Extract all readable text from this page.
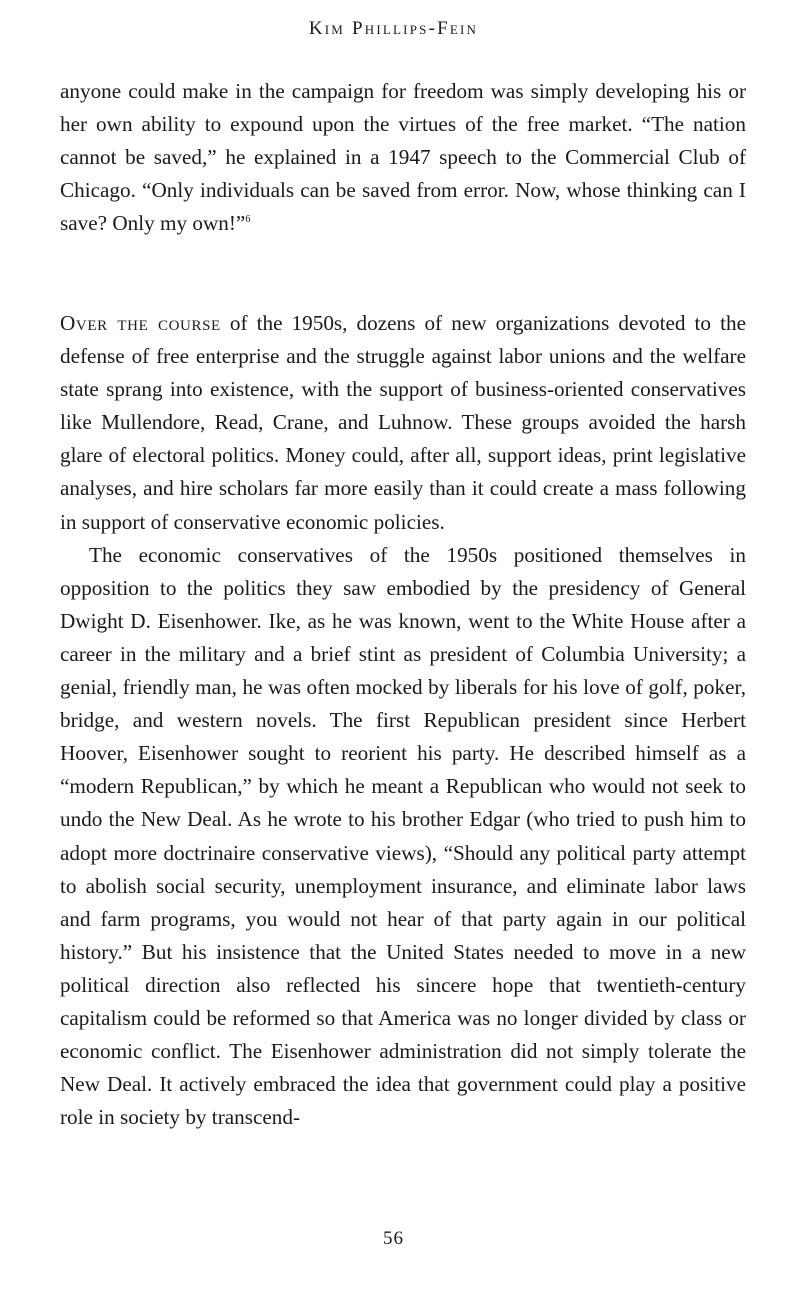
Kim Phillips-Fein

anyone could make in the campaign for freedom was simply developing his or her own ability to expound upon the virtues of the free market. “The nation cannot be saved,” he explained in a 1947 speech to the Commercial Club of Chicago. “Only individuals can be saved from error. Now, whose thinking can I save? Only my own!”$^6$

Over the course of the 1950s, dozens of new organizations devoted to the defense of free enterprise and the struggle against labor unions and the welfare state sprang into existence, with the support of business-oriented conservatives like Mullendore, Read, Crane, and Luhnow. These groups avoided the harsh glare of electoral politics. Money could, after all, support ideas, print legislative analyses, and hire scholars far more easily than it could create a mass following in support of conservative economic policies.

The economic conservatives of the 1950s positioned themselves in opposition to the politics they saw embodied by the presidency of General Dwight D. Eisenhower. Ike, as he was known, went to the White House after a career in the military and a brief stint as president of Columbia University; a genial, friendly man, he was often mocked by liberals for his love of golf, poker, bridge, and western novels. The first Republican president since Herbert Hoover, Eisenhower sought to reorient his party. He described himself as a “modern Republican,” by which he meant a Republican who would not seek to undo the New Deal. As he wrote to his brother Edgar (who tried to push him to adopt more doctrinaire conservative views), “Should any political party attempt to abolish social security, unemployment insurance, and eliminate labor laws and farm programs, you would not hear of that party again in our political history.” But his insistence that the United States needed to move in a new political direction also reflected his sincere hope that twentieth-century capitalism could be reformed so that America was no longer divided by class or economic conflict. The Eisenhower administration did not simply tolerate the New Deal. It actively embraced the idea that government could play a positive role in society by transcend-

56
